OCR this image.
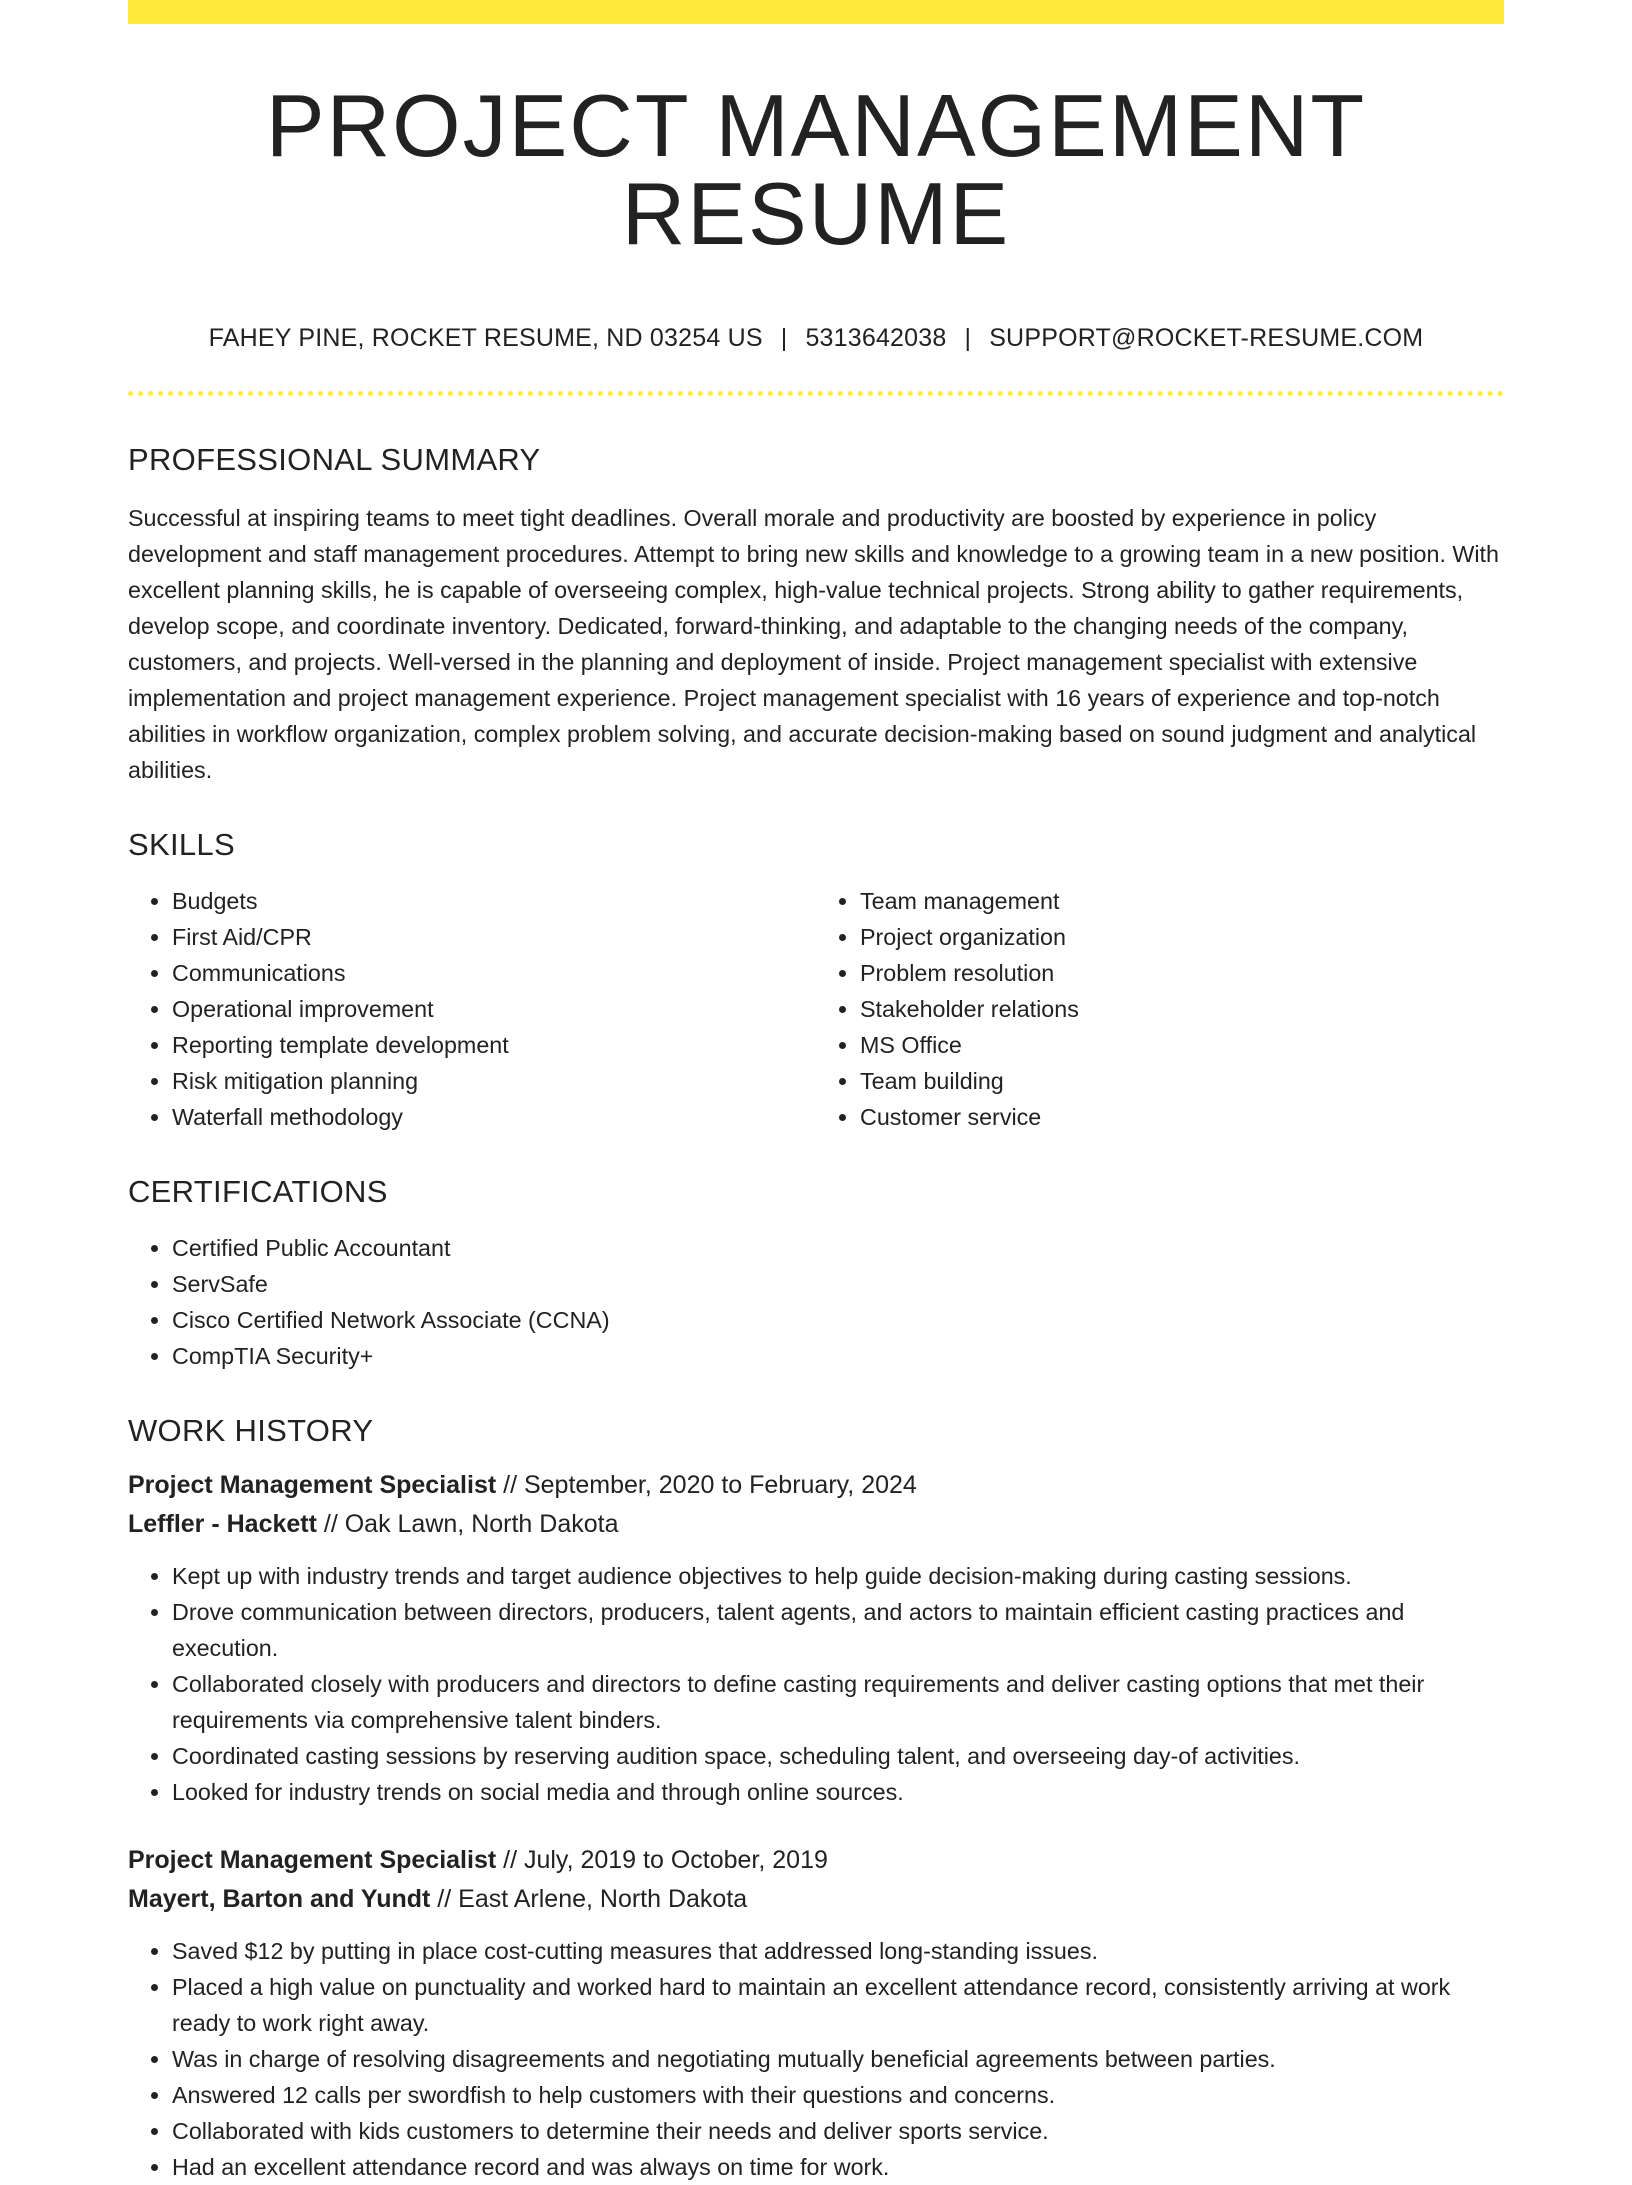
PROJECT MANAGEMENT RESUME
FAHEY PINE, ROCKET RESUME, ND 03254 US | 5313642038 | SUPPORT@ROCKET-RESUME.COM
PROFESSIONAL SUMMARY

Successful at inspiring teams to meet tight deadlines. Overall morale and productivity are boosted by experience in policy development and staff management procedures. Attempt to bring new skills and knowledge to a growing team in a new position. With excellent planning skills, he is capable of overseeing complex, high-value technical projects. Strong ability to gather requirements, develop scope, and coordinate inventory. Dedicated, forward-thinking, and adaptable to the changing needs of the company, customers, and projects. Well-versed in the planning and deployment of inside. Project management specialist with extensive implementation and project management experience. Project management specialist with 16 years of experience and top-notch abilities in workflow organization, complex problem solving, and accurate decision-making based on sound judgment and analytical abilities.

SKILLS
• Budgets
• First Aid/CPR
• Communications
• Operational improvement
• Reporting template development
• Risk mitigation planning
• Waterfall methodology
• Team management
• Project organization
• Problem resolution
• Stakeholder relations
• MS Office
• Team building
• Customer service
CERTIFICATIONS
• Certified Public Accountant
• ServSafe
• Cisco Certified Network Associate (CCNA)
• CompTIA Security+
WORK HISTORY
Project Management Specialist // September, 2020 to February, 2024
Leffler - Hackett // Oak Lawn, North Dakota
• Kept up with industry trends and target audience objectives to help guide decision-making during casting sessions.
• Drove communication between directors, producers, talent agents, and actors to maintain efficient casting practices and execution.
• Collaborated closely with producers and directors to define casting requirements and deliver casting options that met their requirements via comprehensive talent binders.
• Coordinated casting sessions by reserving audition space, scheduling talent, and overseeing day-of activities.
• Looked for industry trends on social media and through online sources.
Project Management Specialist // July, 2019 to October, 2019
Mayert, Barton and Yundt // East Arlene, North Dakota
• Saved $12 by putting in place cost-cutting measures that addressed long-standing issues.
• Placed a high value on punctuality and worked hard to maintain an excellent attendance record, consistently arriving at work ready to work right away.
• Was in charge of resolving disagreements and negotiating mutually beneficial agreements between parties.
• Answered 12 calls per swordfish to help customers with their questions and concerns.
• Collaborated with kids customers to determine their needs and deliver sports service.
• Had an excellent attendance record and was always on time for work.
